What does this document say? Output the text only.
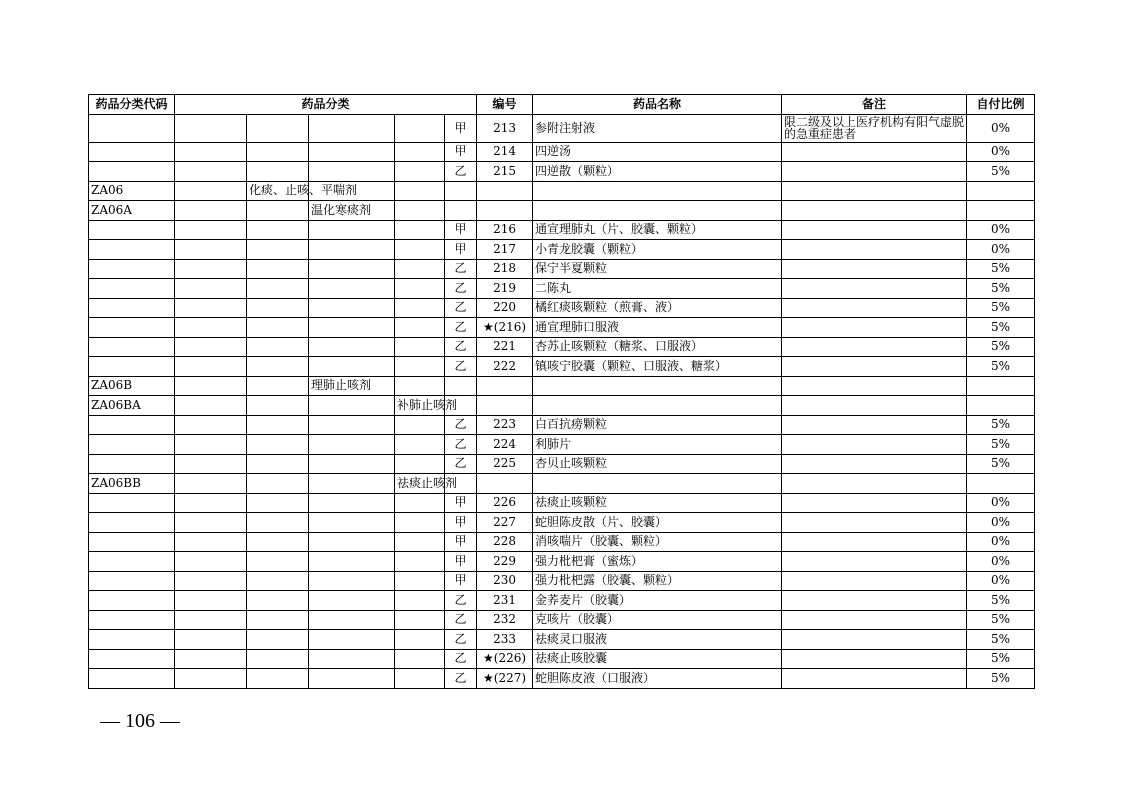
药品分类代码	药品分类					编号	药品名称	备注	自付比例
					甲	213	参附注射液	限二级及以上医疗机构有阳气虚脱的急重症患者	0%
					甲	214	四逆汤		0%
					乙	215	四逆散（颗粒）		5%
ZA06		化痰、止咳、平喘剂							
ZA06A			温化寒痰剂						
					甲	216	通宣理肺丸（片、胶囊、颗粒）		0%
					甲	217	小青龙胶囊（颗粒）		0%
					乙	218	保宁半夏颗粒		5%
					乙	219	二陈丸		5%
					乙	220	橘红痰咳颗粒（煎膏、液）		5%
					乙	★(216)	通宣理肺口服液		5%
					乙	221	杏苏止咳颗粒（糖浆、口服液）		5%
					乙	222	镇咳宁胶囊（颗粒、口服液、糖浆）		5%
ZA06B			理肺止咳剂						
ZA06BA				补肺止咳剂					
					乙	223	白百抗痨颗粒		5%
					乙	224	利肺片		5%
					乙	225	杏贝止咳颗粒		5%
ZA06BB				祛痰止咳剂					
					甲	226	祛痰止咳颗粒		0%
					甲	227	蛇胆陈皮散（片、胶囊）		0%
					甲	228	消咳喘片（胶囊、颗粒）		0%
					甲	229	强力枇杷膏（蜜炼）		0%
					甲	230	强力枇杷露（胶囊、颗粒）		0%
					乙	231	金荞麦片（胶囊）		5%
					乙	232	克咳片（胶囊）		5%
					乙	233	祛痰灵口服液		5%
					乙	★(226)	祛痰止咳胶囊		5%
					乙	★(227)	蛇胆陈皮液（口服液）		5%
— 106 —
